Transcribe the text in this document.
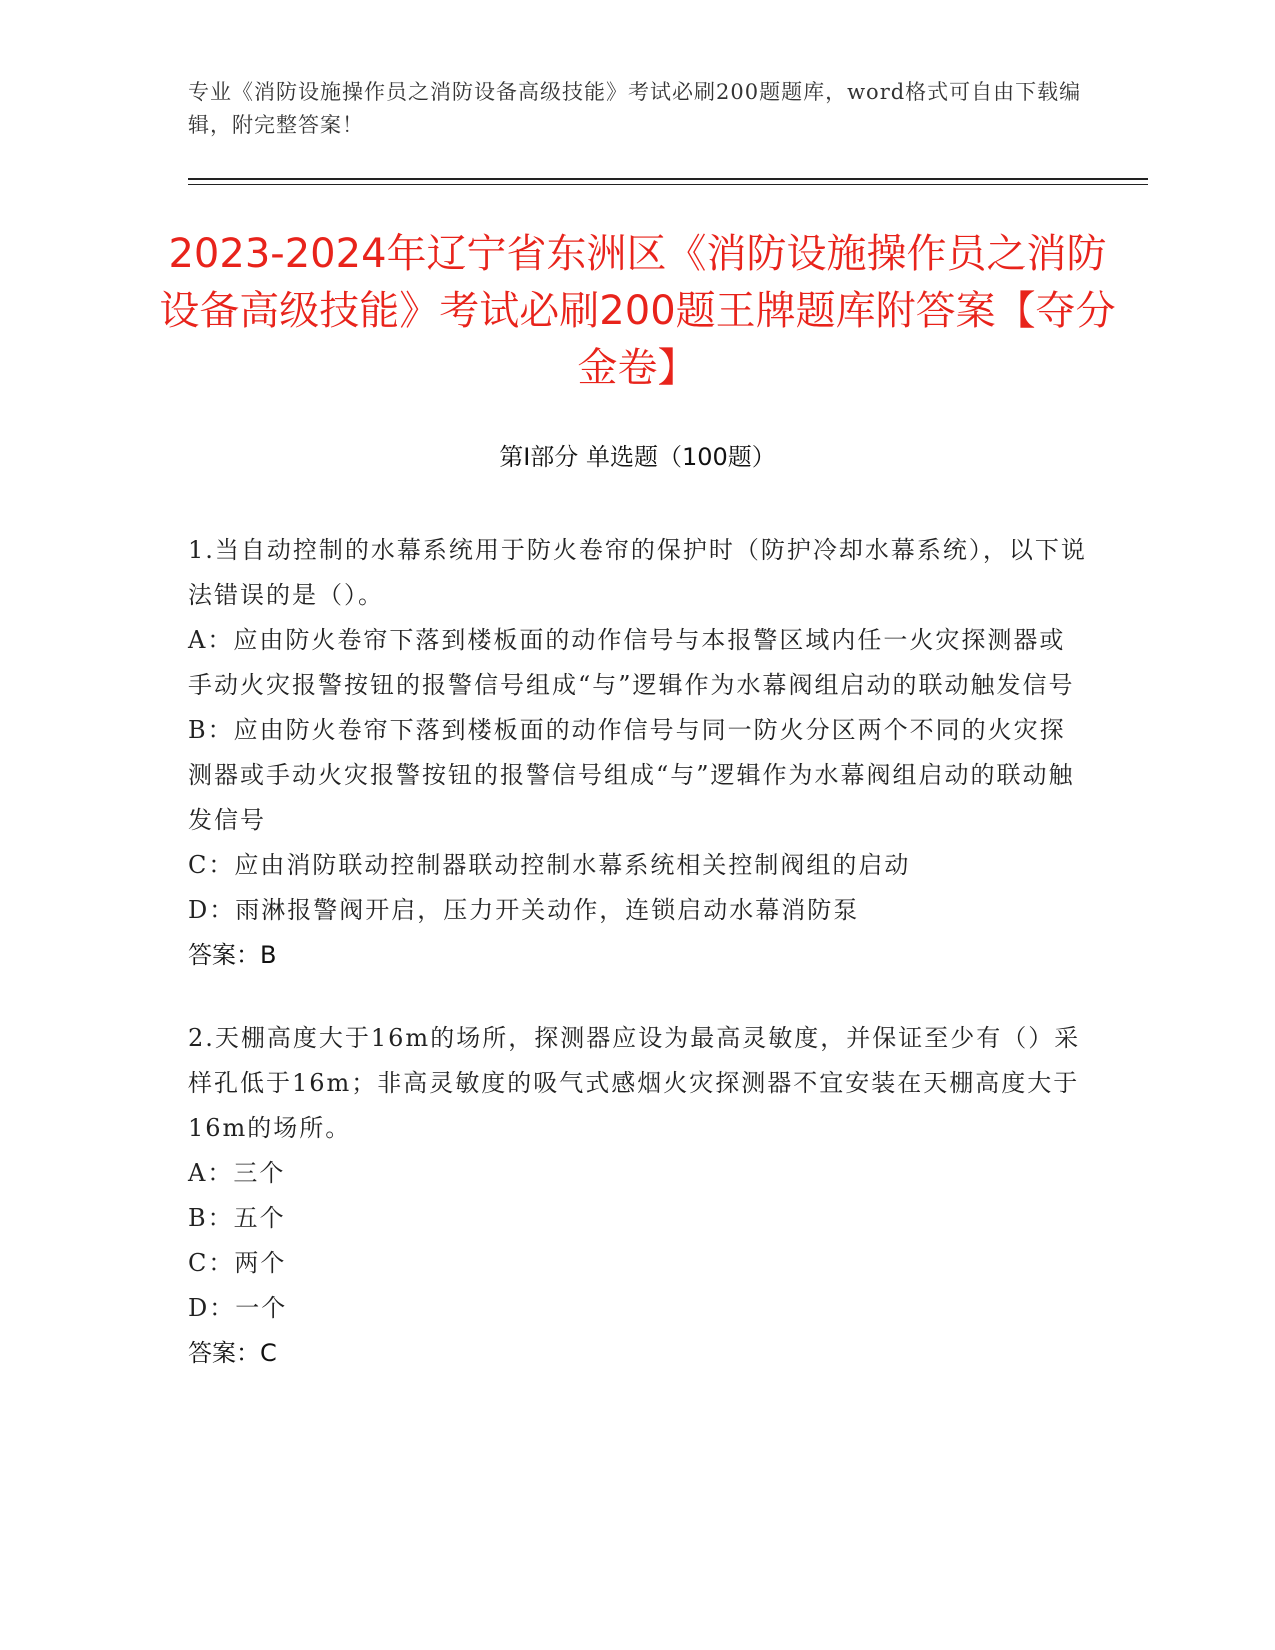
专业《消防设施操作员之消防设备高级技能》考试必刷200题题库，word格式可自由下载编辑，附完整答案！
2023-2024年辽宁省东洲区《消防设施操作员之消防设备高级技能》考试必刷200题王牌题库附答案【夺分金卷】
第I部分 单选题（100题）
1.当自动控制的水幕系统用于防火卷帘的保护时（防护冷却水幕系统），以下说法错误的是（）。
A：应由防火卷帘下落到楼板面的动作信号与本报警区域内任一火灾探测器或手动火灾报警按钮的报警信号组成“与”逻辑作为水幕阀组启动的联动触发信号
B：应由防火卷帘下落到楼板面的动作信号与同一防火分区两个不同的火灾探测器或手动火灾报警按钮的报警信号组成“与”逻辑作为水幕阀组启动的联动触发信号
C：应由消防联动控制器联动控制水幕系统相关控制阀组的启动
D：雨淋报警阀开启，压力开关动作，连锁启动水幕消防泵
答案：B
2.天棚高度大于16m的场所，探测器应设为最高灵敏度，并保证至少有（）采样孔低于16m；非高灵敏度的吸气式感烟火灾探测器不宜安装在天棚高度大于16m的场所。
A：三个
B：五个
C：两个
D：一个
答案：C
